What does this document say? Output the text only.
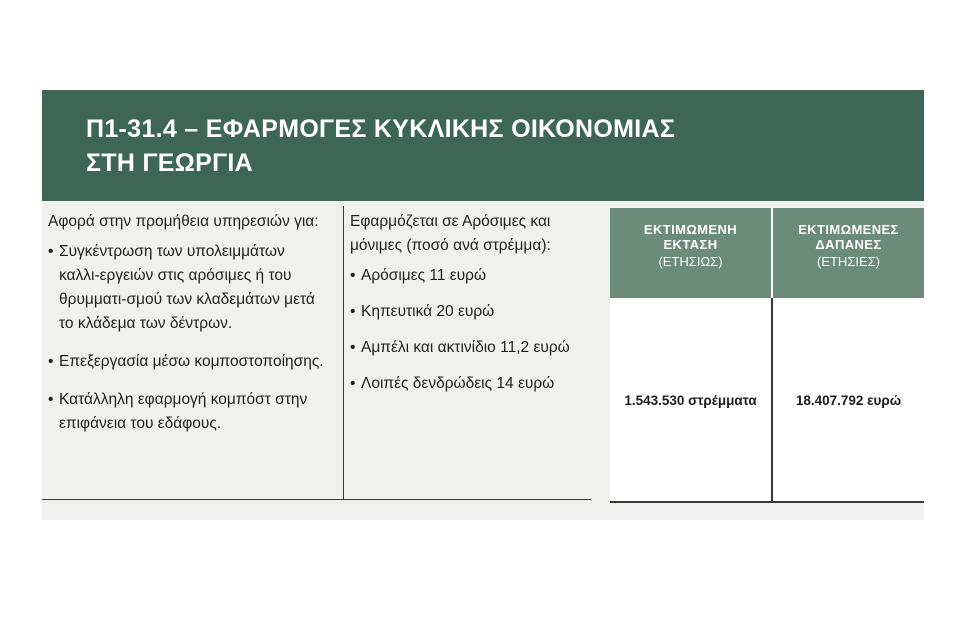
Π1-31.4 – ΕΦΑΡΜΟΓΕΣ ΚΥΚΛΙΚΗΣ ΟΙΚΟΝΟΜΙΑΣ
ΣΤΗ ΓΕΩΡΓΙΑ
Αφορά στην προμήθεια υπηρεσιών για:
• Συγκέντρωση των υπολειμμάτων καλλι-εργειών στις αρόσιμες ή του θρυμματι-σμού των κλαδεμάτων μετά το κλάδεμα των δέντρων.
• Επεξεργασία μέσω κομποστοποίησης.
• Κατάλληλη εφαρμογή κομπόστ στην επιφάνεια του εδάφους.
Εφαρμόζεται σε Αρόσιμες και μόνιμες (ποσό ανά στρέμμα):
• Αρόσιμες 11 ευρώ
• Κηπευτικά 20 ευρώ
• Αμπέλι και ακτινίδιο 11,2 ευρώ
• Λοιπές δενδρώδεις 14 ευρώ
ΕΚΤΙΜΩΜΕΝΗ
ΕΚΤΑΣΗ
(ΕΤΗΣΙΩΣ)
ΕΚΤΙΜΩΜΕΝΕΣ
ΔΑΠΑΝΕΣ
(ΕΤΗΣΙΕΣ)
1.543.530 στρέμματα	18.407.792 ευρώ
